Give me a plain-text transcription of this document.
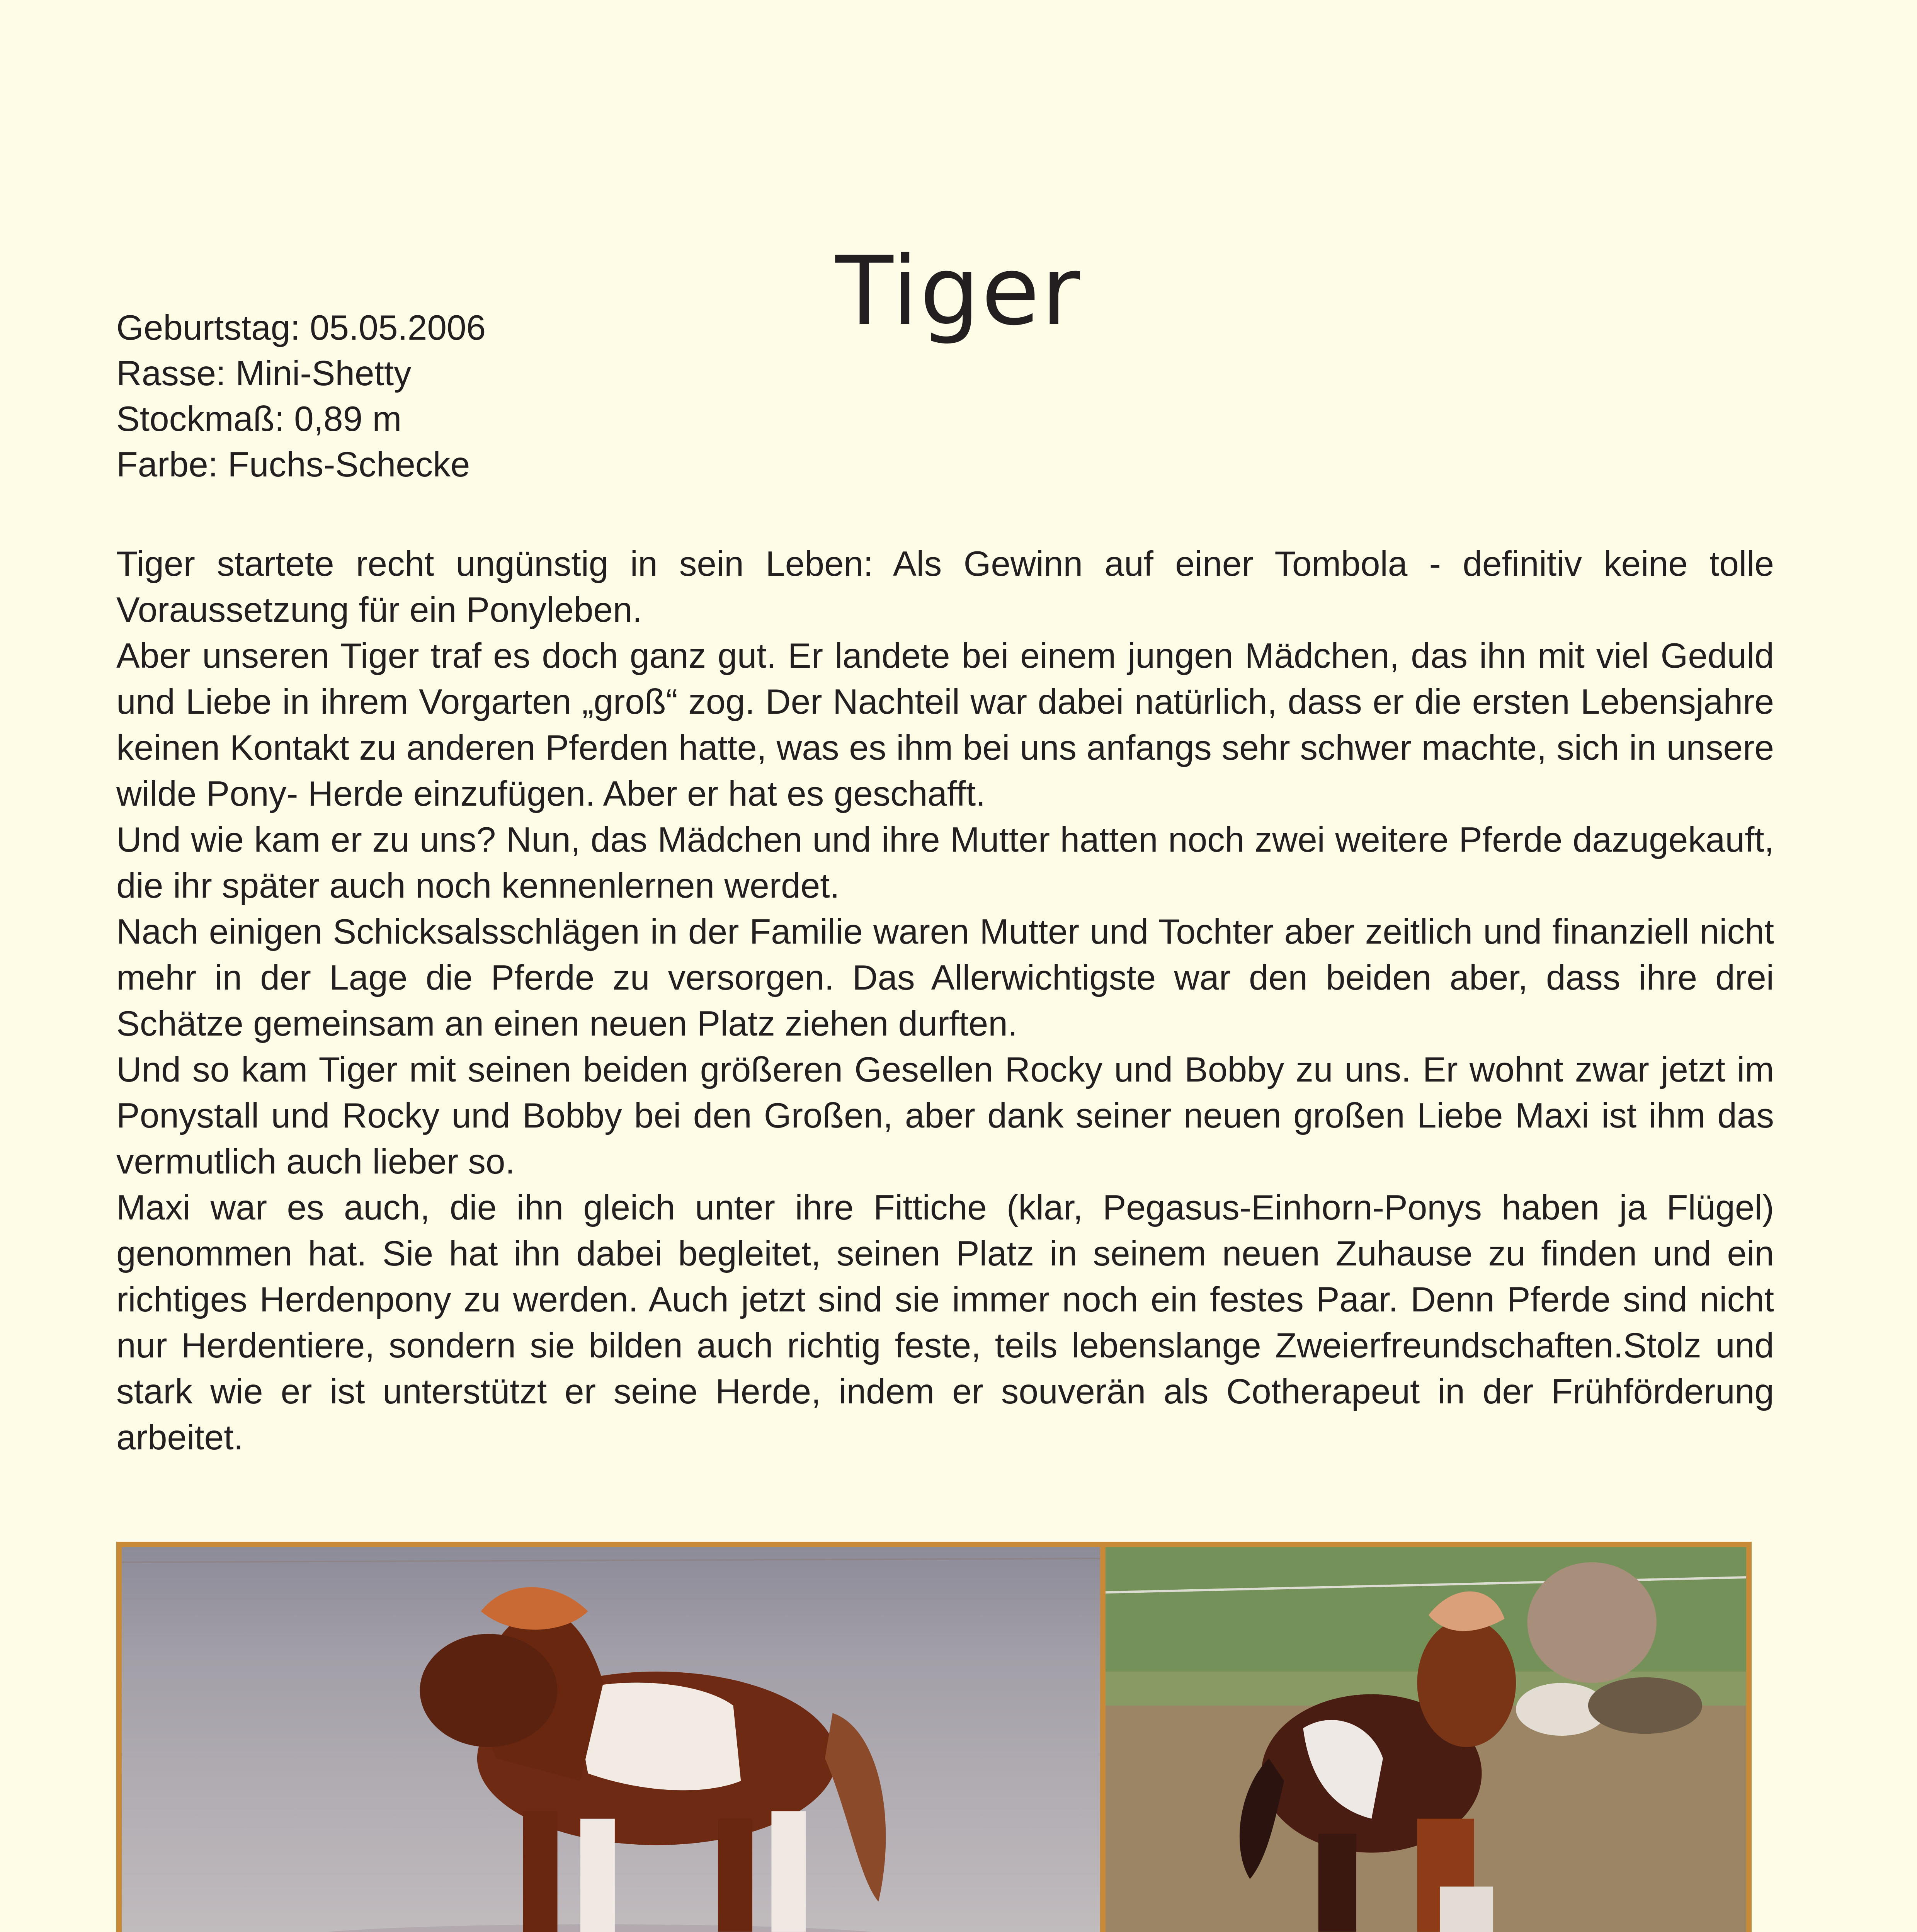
Tiger
Geburtstag: 05.05.2006
Rasse: Mini-Shetty
Stockmaß: 0,89 m
Farbe: Fuchs-Schecke

Tiger startete recht ungünstig in sein Leben: Als Gewinn auf einer Tombola - definitiv keine tolle Voraussetzung für ein Ponyleben.

Aber unseren Tiger traf es doch ganz gut. Er landete bei einem jungen Mädchen, das ihn mit viel Geduld und Liebe in ihrem Vorgarten „groß“ zog. Der Nachteil war dabei natürlich, dass er die ersten Lebensjahre keinen Kontakt zu anderen Pferden hatte, was es ihm bei uns anfangs sehr schwer machte, sich in unsere wilde Pony- Herde einzufügen. Aber er hat es geschafft.

Und wie kam er zu uns? Nun, das Mädchen und ihre Mutter hatten noch zwei weitere Pferde dazugekauft, die ihr später auch noch kennenlernen werdet.

Nach einigen Schicksalsschlägen in der Familie waren Mutter und Tochter aber zeitlich und finanziell nicht mehr in der Lage die Pferde zu versorgen. Das Allerwichtigste war den beiden aber, dass ihre drei Schätze gemeinsam an einen neuen Platz ziehen durften.

Und so kam Tiger mit seinen beiden größeren Gesellen Rocky und Bobby zu uns. Er wohnt zwar jetzt im Ponystall und Rocky und Bobby bei den Großen, aber dank seiner neuen großen Liebe Maxi ist ihm das vermutlich auch lieber so.

Maxi war es auch, die ihn gleich unter ihre Fittiche (klar, Pegasus-Einhorn-Ponys haben ja Flügel) genommen hat. Sie hat ihn dabei begleitet, seinen Platz in seinem neuen Zuhause zu finden und ein richtiges Herdenpony zu werden. Auch jetzt sind sie immer noch ein festes Paar. Denn Pferde sind nicht nur Herdentiere, sondern sie bilden auch richtig feste, teils lebenslange Zweierfreundschaften.Stolz und stark wie er ist unterstützt er seine Herde, indem er souverän als Cotherapeut in der Frühförderung arbeitet.
